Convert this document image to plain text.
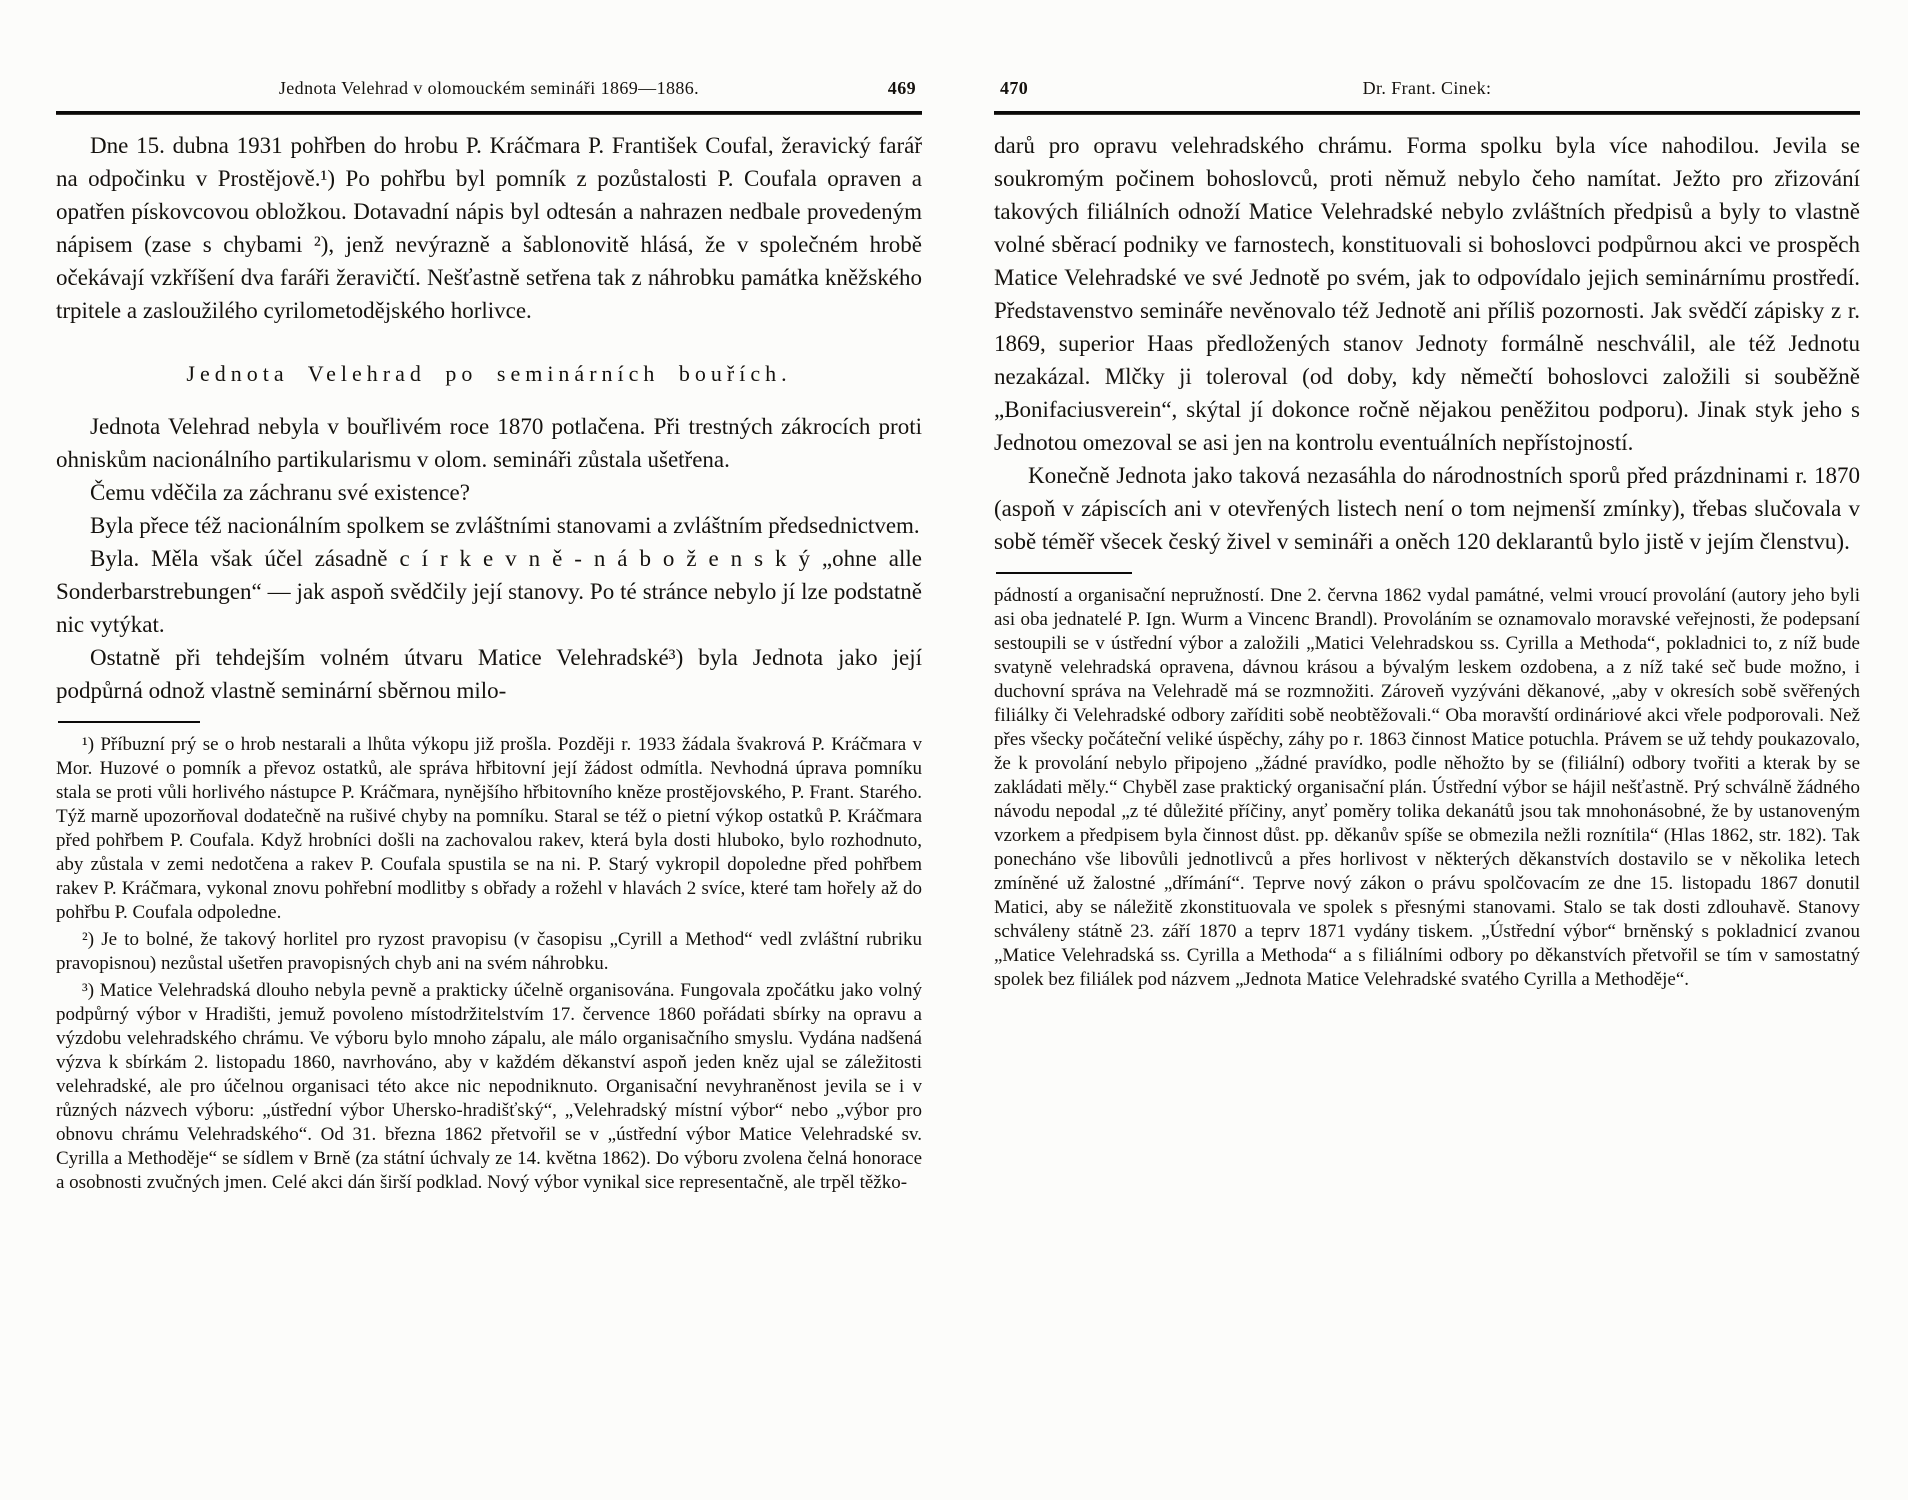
Jednota Velehrad v olomouckém semináři 1869—1886.	469

Dne 15. dubna 1931 pohřben do hrobu P. Kráčmara P. František Coufal, žeravický farář na odpočinku v Prostějově.¹) Po pohřbu byl pomník z pozůstalosti P. Coufala opraven a opatřen pískovcovou obložkou. Dotavadní nápis byl odtesán a nahrazen nedbale provedeným nápisem (zase s chybami ²), jenž nevýrazně a šablonovitě hlásá, že v společném hrobě očekávají vzkříšení dva faráři žeravičtí. Nešťastně setřena tak z náhrobku památka kněžského trpitele a zasloužilého cyrilometodějského horlivce.

Jednota Velehrad po seminárních bouřích.

Jednota Velehrad nebyla v bouřlivém roce 1870 potlačena. Při trestných zákrocích proti ohniskům nacionálního partikularismu v olom. semináři zůstala ušetřena.

Čemu vděčila za záchranu své existence?

Byla přece též nacionálním spolkem se zvláštními stanovami a zvláštním předsednictvem.

Byla. Měla však účel zásadně c í r k e v n ě - n á b o ž e n s k ý „ohne alle Sonderbarstrebungen“ — jak aspoň svědčily její stanovy. Po té stránce nebylo jí lze podstatně nic vytýkat.

Ostatně při tehdejším volném útvaru Matice Velehradské³) byla Jednota jako její podpůrná odnož vlastně seminární sběrnou milo-

¹) Příbuzní prý se o hrob nestarali a lhůta výkopu již prošla. Později r. 1933 žádala švakrová P. Kráčmara v Mor. Huzové o pomník a převoz ostatků, ale správa hřbitovní její žádost odmítla. Nevhodná úprava pomníku stala se proti vůli horlivého nástupce P. Kráčmara, nynějšího hřbitovního kněze prostějovského, P. Frant. Starého. Týž marně upozorňoval dodatečně na rušivé chyby na pomníku. Staral se též o pietní výkop ostatků P. Kráčmara před pohřbem P. Coufala. Když hrobníci došli na zachovalou rakev, která byla dosti hluboko, bylo rozhodnuto, aby zůstala v zemi nedotčena a rakev P. Coufala spustila se na ni. P. Starý vykropil dopoledne před pohřbem rakev P. Kráčmara, vykonal znovu pohřební modlitby s obřady a rožehl v hlavách 2 svíce, které tam hořely až do pohřbu P. Coufala odpoledne.

²) Je to bolné, že takový horlitel pro ryzost pravopisu (v časopisu „Cyrill a Method“ vedl zvláštní rubriku pravopisnou) nezůstal ušetřen pravopisných chyb ani na svém náhrobku.

³) Matice Velehradská dlouho nebyla pevně a prakticky účelně organisována. Fungovala zpočátku jako volný podpůrný výbor v Hradišti, jemuž povoleno místodržitelstvím 17. července 1860 pořádati sbírky na opravu a výzdobu velehradského chrámu. Ve výboru bylo mnoho zápalu, ale málo organisačního smyslu. Vydána nadšená výzva k sbírkám 2. listopadu 1860, navrhováno, aby v každém děkanství aspoň jeden kněz ujal se záležitosti velehradské, ale pro účelnou organisaci této akce nic nepodniknuto. Organisační nevyhraněnost jevila se i v různých názvech výboru: „ústřední výbor Uhersko-hradišťský“, „Velehradský místní výbor“ nebo „výbor pro obnovu chrámu Velehradského“. Od 31. března 1862 přetvořil se v „ústřední výbor Matice Velehradské sv. Cyrilla a Methoděje“ se sídlem v Brně (za státní úchvaly ze 14. května 1862). Do výboru zvolena čelná honorace a osobnosti zvučných jmen. Celé akci dán širší podklad. Nový výbor vynikal sice representačně, ale trpěl těžko-

Dr. Frant. Cinek:
470

darů pro opravu velehradského chrámu. Forma spolku byla více nahodilou. Jevila se soukromým počinem bohoslovců, proti němuž nebylo čeho namítat. Ježto pro zřizování takových filiálních odnoží Matice Velehradské nebylo zvláštních předpisů a byly to vlastně volné sběrací podniky ve farnostech, konstituovali si bohoslovci podpůrnou akci ve prospěch Matice Velehradské ve své Jednotě po svém, jak to odpovídalo jejich seminárnímu prostředí. Představenstvo semináře nevěnovalo též Jednotě ani příliš pozornosti. Jak svědčí zápisky z r. 1869, superior Haas předložených stanov Jednoty formálně neschválil, ale též Jednotu nezakázal. Mlčky ji toleroval (od doby, kdy němečtí bohoslovci založili si souběžně „Bonifaciusverein“, skýtal jí dokonce ročně nějakou peněžitou podporu). Jinak styk jeho s Jednotou omezoval se asi jen na kontrolu eventuálních nepřístojností.

Konečně Jednota jako taková nezasáhla do národnostních sporů před prázdninami r. 1870 (aspoň v zápiscích ani v otevřených listech není o tom nejmenší zmínky), třebas slučovala v sobě téměř všecek český živel v semináři a oněch 120 deklarantů bylo jistě v jejím členstvu).

pádností a organisační nepružností. Dne 2. června 1862 vydal památné, velmi vroucí provolání (autory jeho byli asi oba jednatelé P. Ign. Wurm a Vincenc Brandl). Provoláním se oznamovalo moravské veřejnosti, že podepsaní sestoupili se v ústřední výbor a založili „Matici Velehradskou ss. Cyrilla a Methoda“, pokladnici to, z níž bude svatyně velehradská opravena, dávnou krásou a bývalým leskem ozdobena, a z níž také seč bude možno, i duchovní správa na Velehradě má se rozmnožiti. Zároveň vyzýváni děkanové, „aby v okresích sobě svěřených filiálky či Velehradské odbory zaříditi sobě neobtěžovali.“ Oba moravští ordináriové akci vřele podporovali. Než přes všecky počáteční veliké úspěchy, záhy po r. 1863 činnost Matice potuchla. Právem se už tehdy poukazovalo, že k provolání nebylo připojeno „žádné pravídko, podle něhožto by se (filiální) odbory tvořiti a kterak by se zakládati měly.“ Chyběl zase praktický organisační plán. Ústřední výbor se hájil nešťastně. Prý schválně žádného návodu nepodal „z té důležité příčiny, anyť poměry tolika dekanátů jsou tak mnohonásobné, že by ustanoveným vzorkem a předpisem byla činnost důst. pp. děkanův spíše se obmezila nežli roznítila“ (Hlas 1862, str. 182). Tak ponecháno vše libovůli jednotlivců a přes horlivost v některých děkanstvích dostavilo se v několika letech zmíněné už žalostné „dřímání“. Teprve nový zákon o právu spolčovacím ze dne 15. listopadu 1867 donutil Matici, aby se náležitě zkonstituovala ve spolek s přesnými stanovami. Stalo se tak dosti zdlouhavě. Stanovy schváleny státně 23. září 1870 a teprv 1871 vydány tiskem. „Ústřední výbor“ brněnský s pokladnicí zvanou „Matice Velehradská ss. Cyrilla a Methoda“ a s filiálními odbory po děkanstvích přetvořil se tím v samostatný spolek bez filiálek pod názvem „Jednota Matice Velehradské svatého Cyrilla a Methoděje“.
